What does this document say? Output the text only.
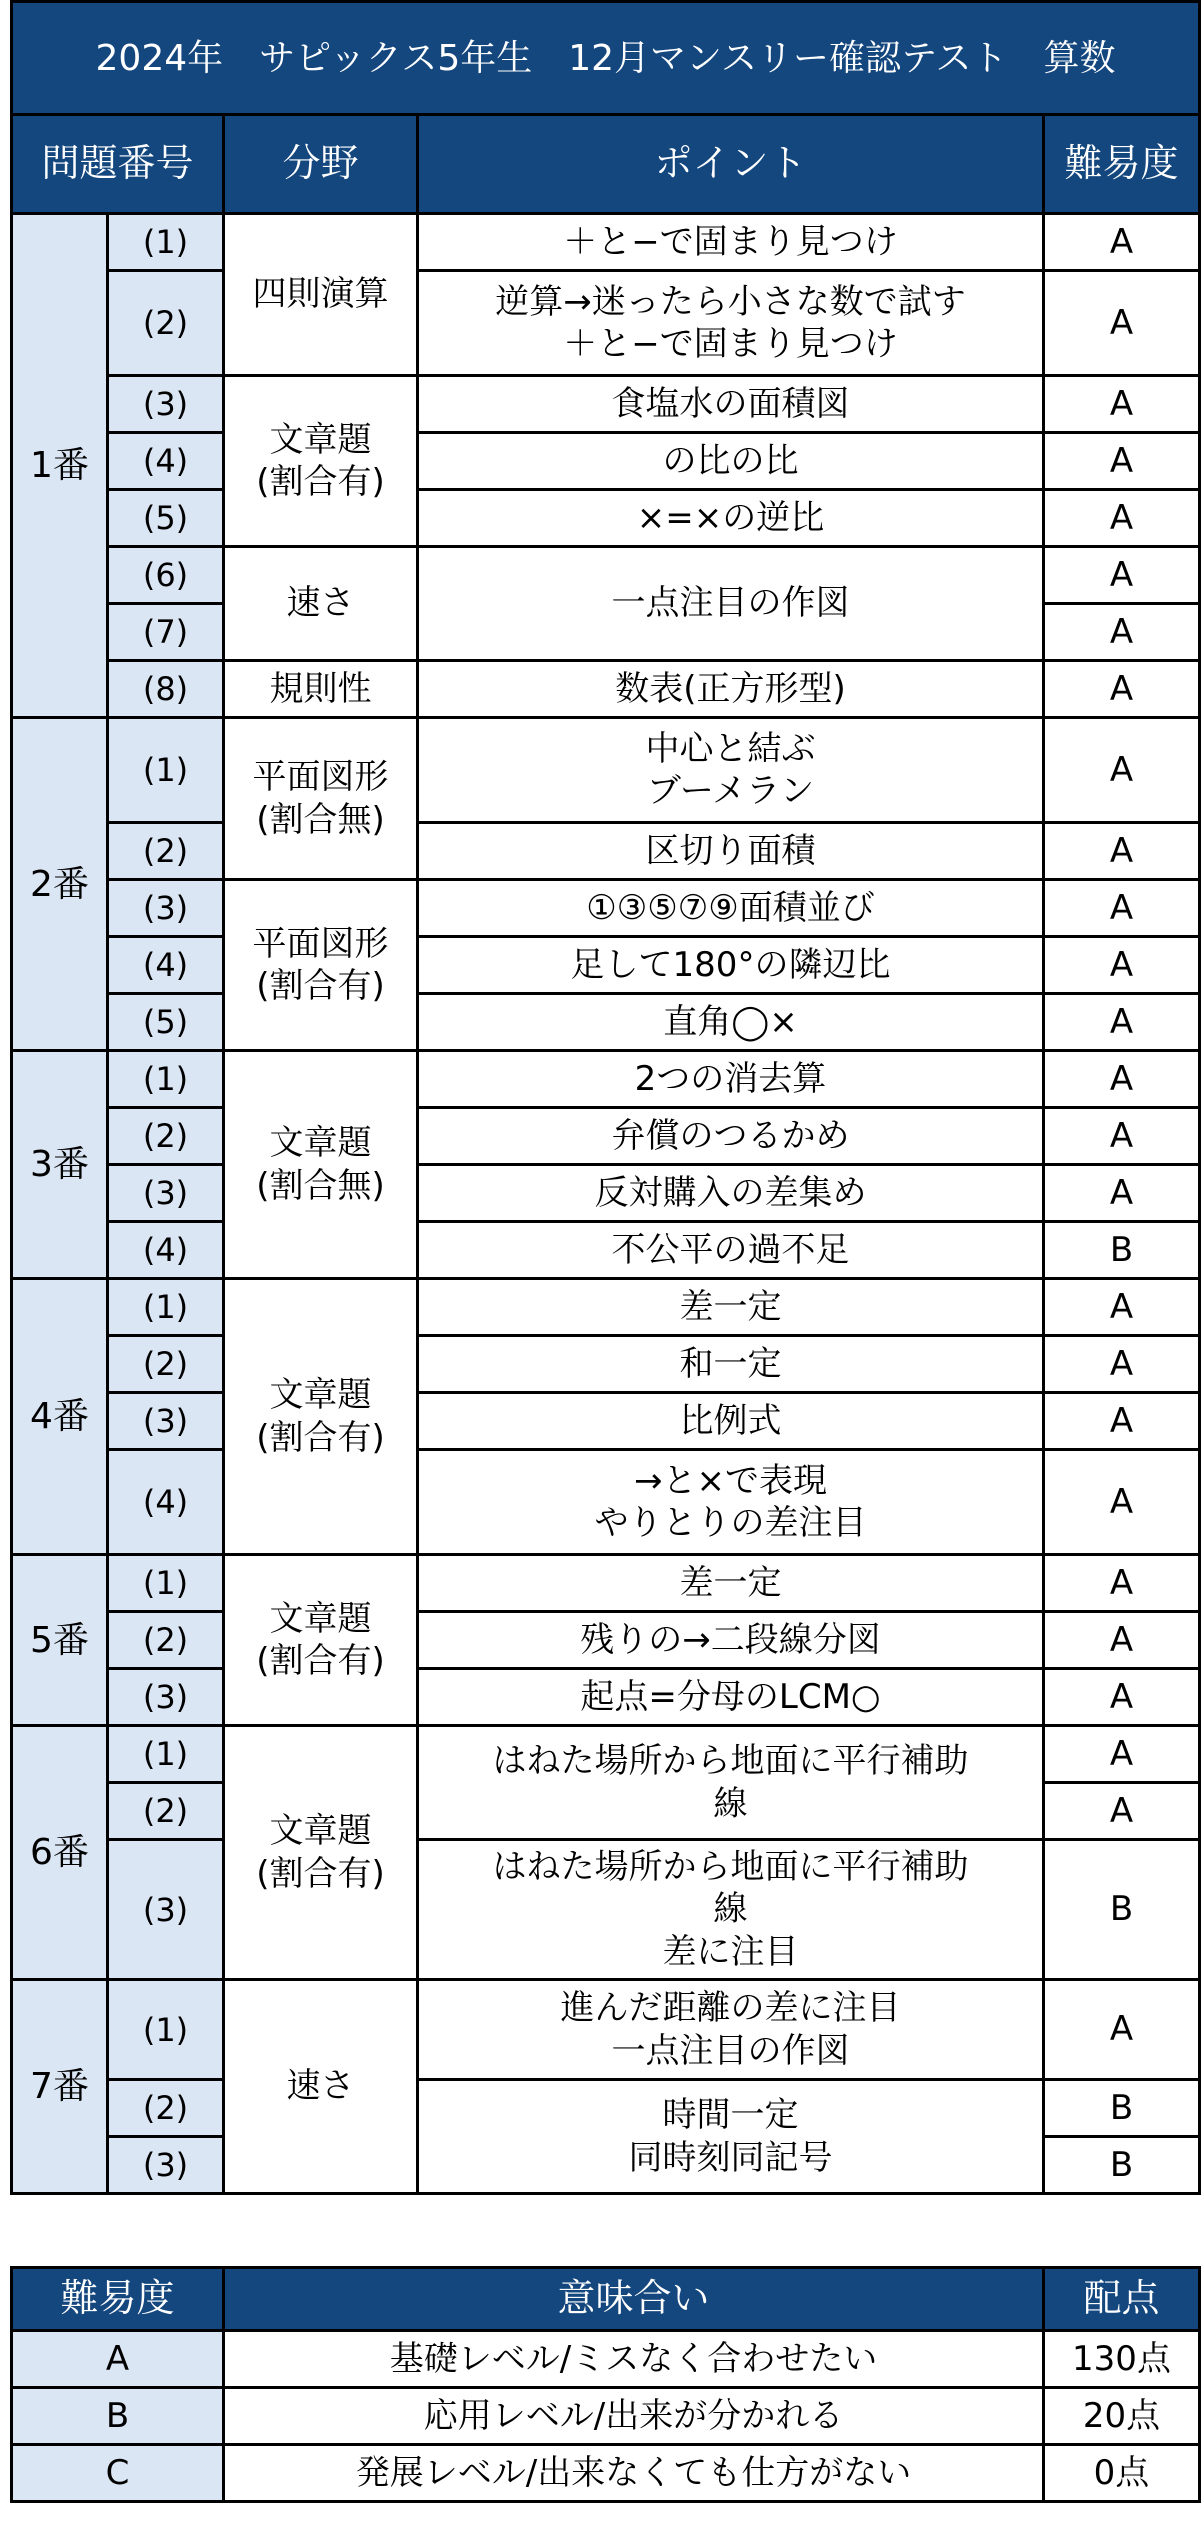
2024年　サピックス5年生　12月マンスリー確認テスト　算数				
問題番号		分野	ポイント	難易度
1番	(1)	四則演算	＋と−で固まり見つけ	A
	(2)		逆算→迷ったら小さな数で試す
＋と−で固まり見つけ	A
	(3)	文章題
(割合有)	食塩水の面積図	A
	(4)		の比の比	A
	(5)		×=×の逆比	A
	(6)	速さ	一点注目の作図	A
	(7)			A
	(8)	規則性	数表(正方形型)	A
2番	(1)	平面図形
(割合無)	中心と結ぶ
ブーメラン	A
	(2)		区切り面積	A
	(3)	平面図形
(割合有)	①③⑤⑦⑨面積並び	A
	(4)		足して180°の隣辺比	A
	(5)		直角◯×	A
3番	(1)	文章題
(割合無)	2つの消去算	A
	(2)		弁償のつるかめ	A
	(3)		反対購入の差集め	A
	(4)		不公平の過不足	B
4番	(1)	文章題
(割合有)	差一定	A
	(2)		和一定	A
	(3)		比例式	A
	(4)		→と×で表現
やりとりの差注目	A
5番	(1)	文章題
(割合有)	差一定	A
	(2)		残りの→二段線分図	A
	(3)		起点=分母のLCM○	A
6番	(1)	文章題
(割合有)	はねた場所から地面に平行補助
線	A
	(2)			A
	(3)		はねた場所から地面に平行補助
線
差に注目	B
7番	(1)	速さ	進んだ距離の差に注目
一点注目の作図	A
	(2)		時間一定
同時刻同記号	B
	(3)			B
難易度	意味合い	配点
A	基礎レベル/ミスなく合わせたい	130点
B	応用レベル/出来が分かれる	20点
C	発展レベル/出来なくても仕方がない	0点
